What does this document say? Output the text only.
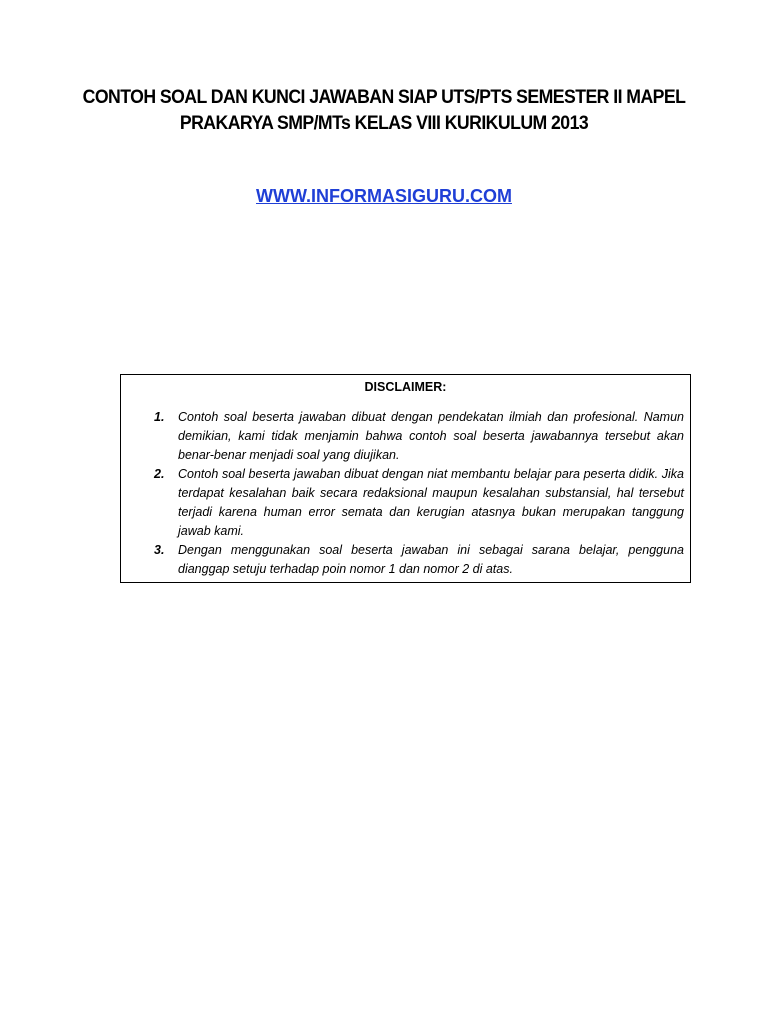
CONTOH SOAL DAN KUNCI JAWABAN SIAP UTS/PTS SEMESTER II MAPEL
PRAKARYA SMP/MTs KELAS VIII KURIKULUM 2013
WWW.INFORMASIGURU.COM
DISCLAIMER:
1. Contoh soal beserta jawaban dibuat dengan pendekatan ilmiah dan profesional. Namun demikian, kami tidak menjamin bahwa contoh soal beserta jawabannya tersebut akan benar-benar menjadi soal yang diujikan.
2. Contoh soal beserta jawaban dibuat dengan niat membantu belajar para peserta didik. Jika terdapat kesalahan baik secara redaksional maupun kesalahan substansial, hal tersebut terjadi karena human error semata dan kerugian atasnya bukan merupakan tanggung jawab kami.
3. Dengan menggunakan soal beserta jawaban ini sebagai sarana belajar, pengguna dianggap setuju terhadap poin nomor 1 dan nomor 2 di atas.
